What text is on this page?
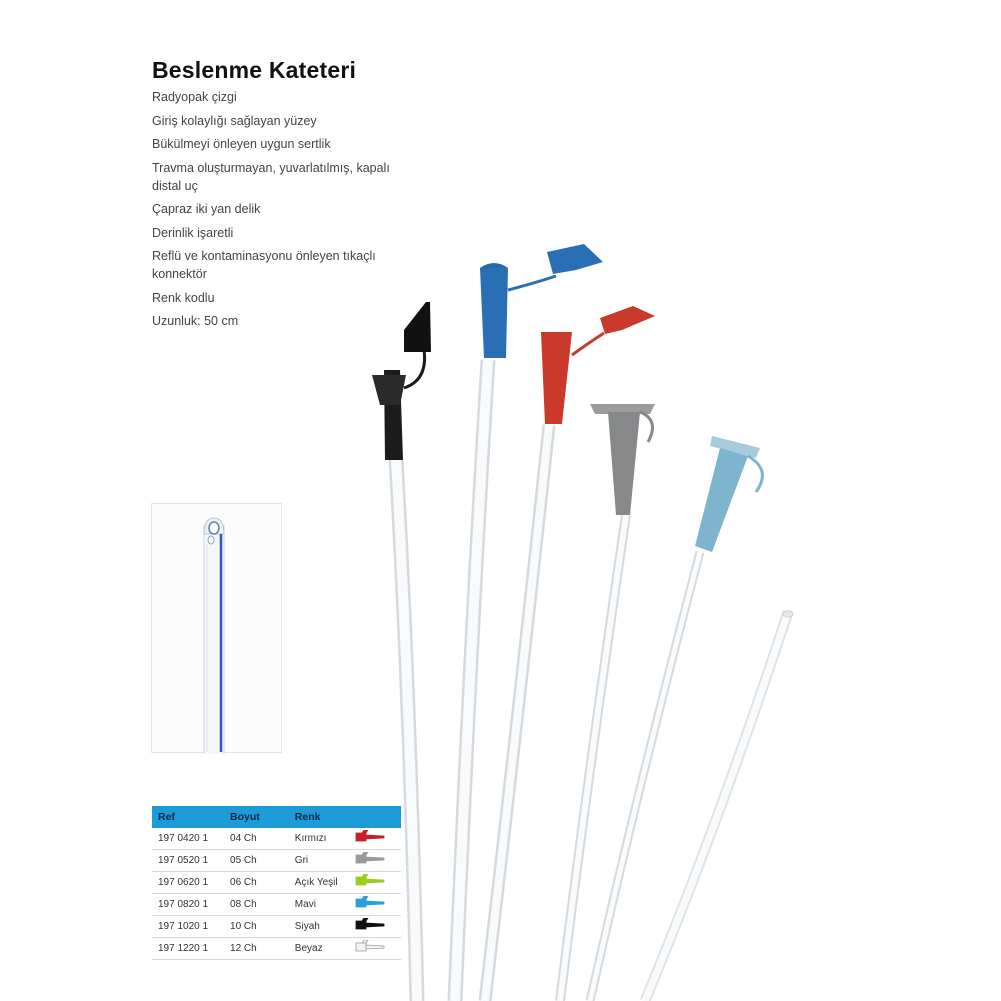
Beslenme Kateteri
Radyopak çizgi
Giriş kolaylığı sağlayan yüzey
Bükülmeyi önleyen uygun sertlik
Travma oluşturmayan, yuvarlatılmış, kapalı distal uç
Çapraz iki yan delik
Derinlik işaretli
Reflü ve kontaminasyonu önleyen tıkaçlı konnektör
Renk kodlu
Uzunluk: 50 cm
Ref	Boyut	Renk	
197 0420 1	04 Ch	Kırmızı	
197 0520 1	05 Ch	Gri	
197 0620 1	06 Ch	Açık Yeşil	
197 0820 1	08 Ch	Mavi	
197 1020 1	10 Ch	Siyah	
197 1220 1	12 Ch	Beyaz	
